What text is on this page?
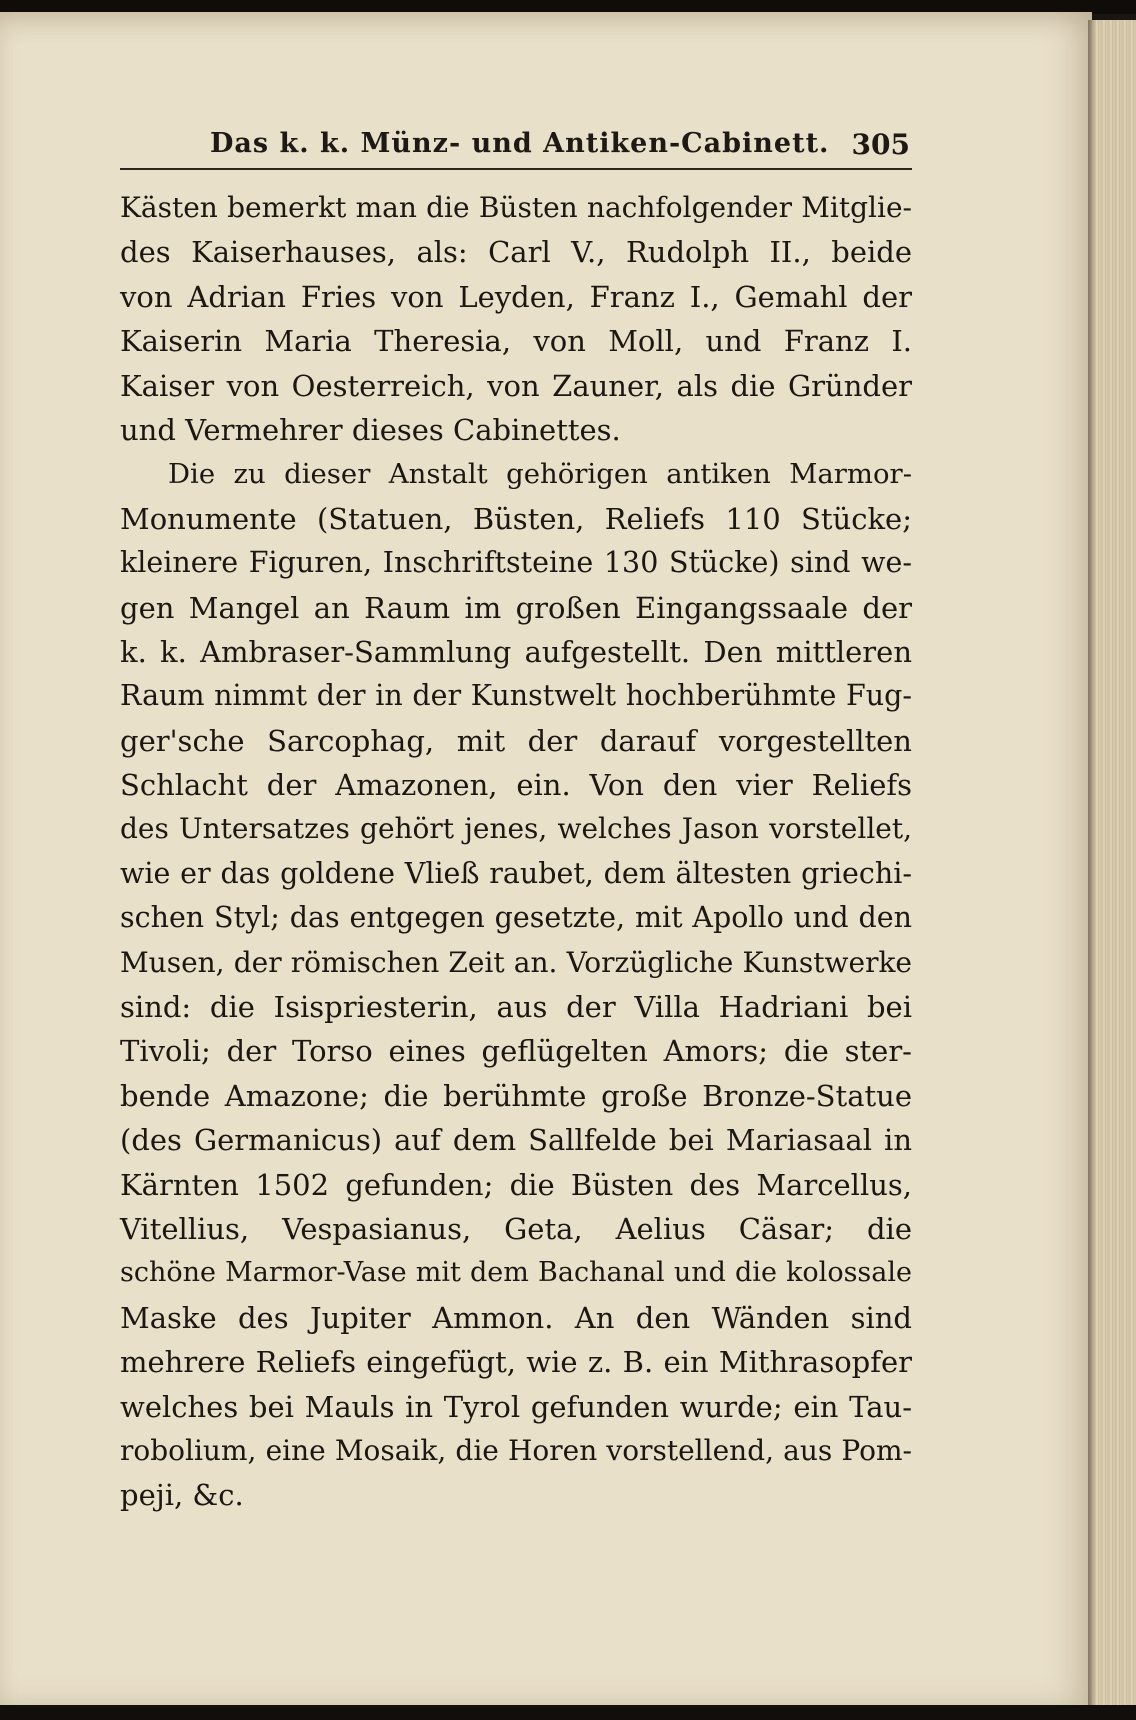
Das k. k. Münz- und Antiken-Cabinett. 305
Kästen bemerkt man die Büsten nachfolgender Mitglie-
des Kaiserhauses, als: Carl V., Rudolph II., beide
von Adrian Fries von Leyden, Franz I., Gemahl der
Kaiserin Maria Theresia, von Moll, und Franz I.
Kaiser von Oesterreich, von Zauner, als die Gründer
und Vermehrer dieses Cabinettes.
Die zu dieser Anstalt gehörigen antiken Marmor-
Monumente (Statuen, Büsten, Reliefs 110 Stücke;
kleinere Figuren, Inschriftsteine 130 Stücke) sind we-
gen Mangel an Raum im großen Eingangssaale der
k. k. Ambraser-Sammlung aufgestellt. Den mittleren
Raum nimmt der in der Kunstwelt hochberühmte Fug-
ger'sche Sarcophag, mit der darauf vorgestellten
Schlacht der Amazonen, ein. Von den vier Reliefs
des Untersatzes gehört jenes, welches Jason vorstellet,
wie er das goldene Vließ raubet, dem ältesten griechi-
schen Styl; das entgegen gesetzte, mit Apollo und den
Musen, der römischen Zeit an. Vorzügliche Kunstwerke
sind: die Isispriesterin, aus der Villa Hadriani bei
Tivoli; der Torso eines geflügelten Amors; die ster-
bende Amazone; die berühmte große Bronze-Statue
(des Germanicus) auf dem Sallfelde bei Mariasaal in
Kärnten 1502 gefunden; die Büsten des Marcellus,
Vitellius, Vespasianus, Geta, Aelius Cäsar; die
schöne Marmor-Vase mit dem Bachanal und die kolossale
Maske des Jupiter Ammon. An den Wänden sind
mehrere Reliefs eingefügt, wie z. B. ein Mithrasopfer
welches bei Mauls in Tyrol gefunden wurde; ein Tau-
robolium, eine Mosaik, die Horen vorstellend, aus Pom-
peji, &c.
